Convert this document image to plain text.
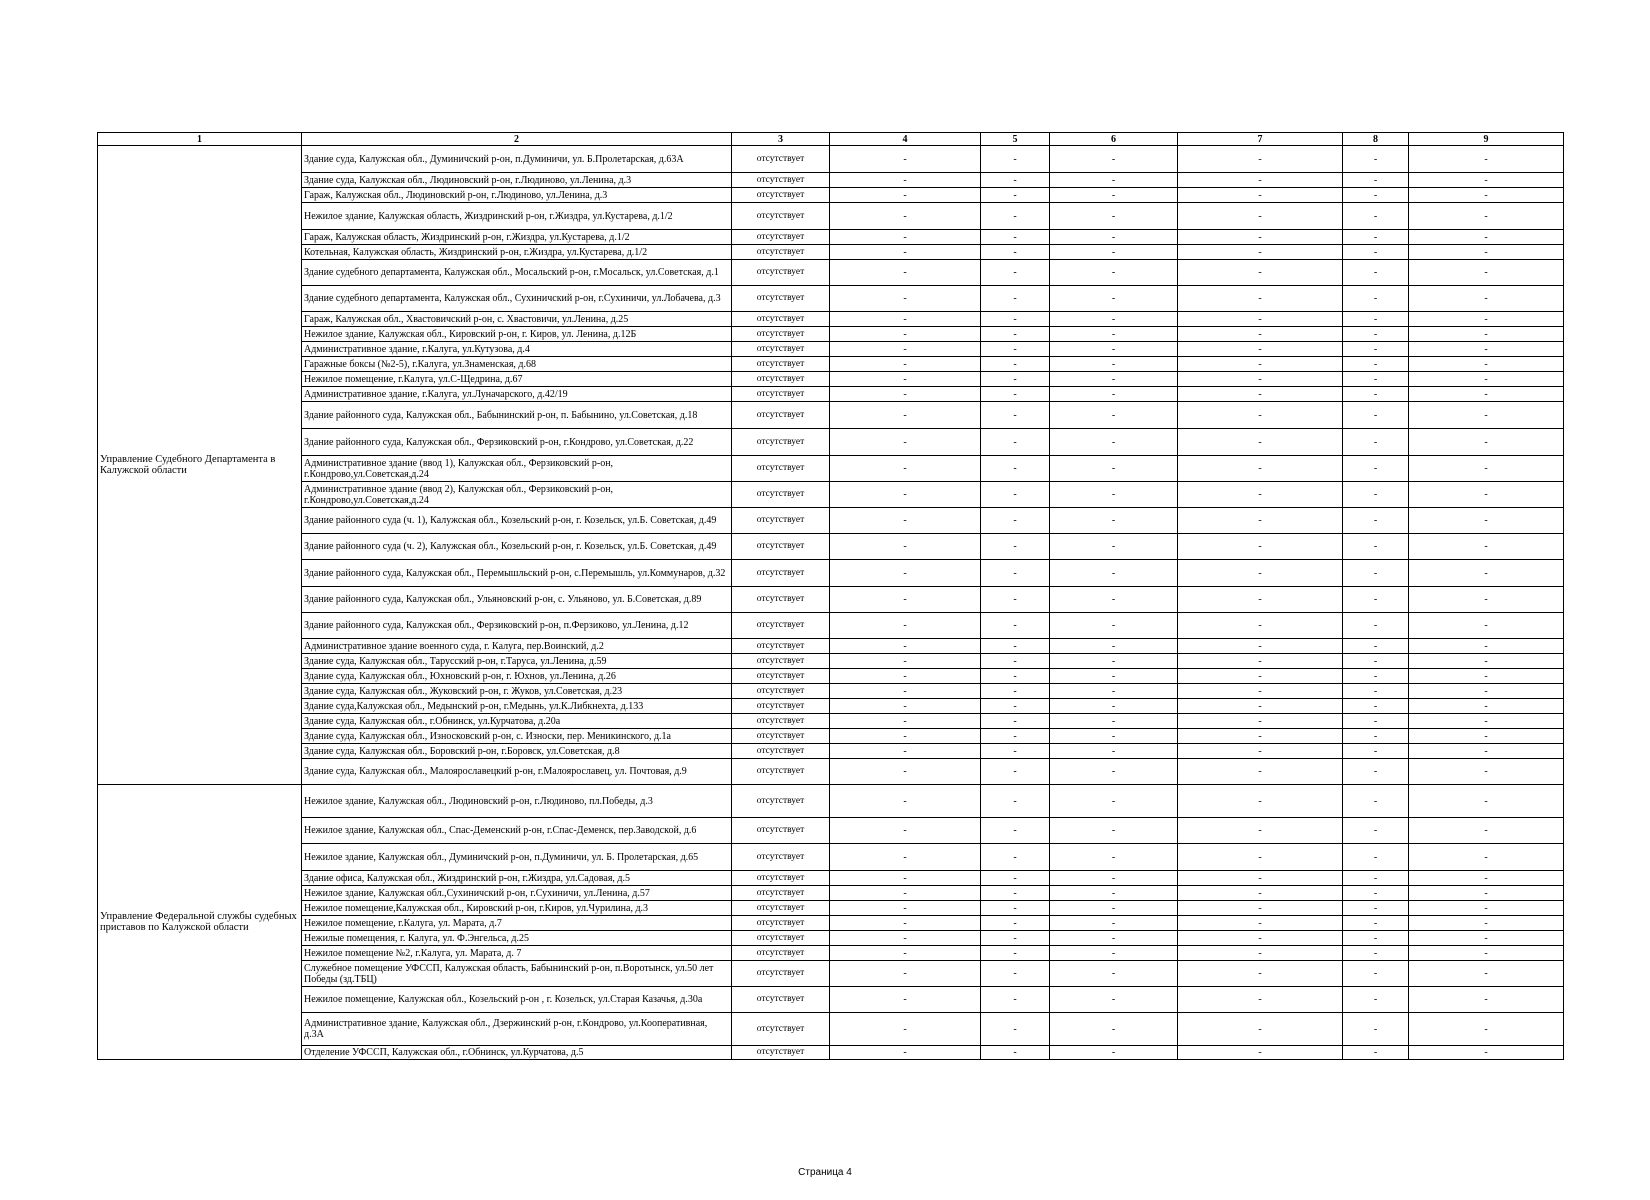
1	2	3	4	5	6	7	8	9
Управление Судебного Департамента в Калужской области	Здание суда, Калужская обл., Думиничский р-он, п.Думиничи, ул. Б.Пролетарская, д.63А	отсутствует	-	-	-	-	-	-
	Здание суда, Калужская обл., Людиновский р-он, г.Людиново, ул.Ленина, д.3	отсутствует	-	-	-	-	-	-
	Гараж, Калужская обл., Людиновский р-он, г.Людиново, ул.Ленина, д.3	отсутствует	-	-	-	-	-	-
	Нежилое здание, Калужская область, Жиздринский р-он, г.Жиздра, ул.Кустарева, д.1/2	отсутствует	-	-	-	-	-	-
	Гараж, Калужская область, Жиздринский р-он, г.Жиздра, ул.Кустарева, д.1/2	отсутствует	-	-	-	-	-	-
	Котельная, Калужская область, Жиздринский р-он, г.Жиздра, ул.Кустарева, д.1/2	отсутствует	-	-	-	-	-	-
	Здание судебного департамента, Калужская обл., Мосальский р-он, г.Мосальск, ул.Советская, д.1	отсутствует	-	-	-	-	-	-
	Здание судебного департамента, Калужская обл., Сухиничский р-он, г.Сухиничи, ул.Лобачева, д.3	отсутствует	-	-	-	-	-	-
	Гараж, Калужская обл., Хвастовичский р-он, с. Хвастовичи, ул.Ленина, д.25	отсутствует	-	-	-	-	-	-
	Нежилое здание, Калужская обл., Кировский р-он, г. Киров, ул. Ленина, д.12Б	отсутствует	-	-	-	-	-	-
	Административное здание, г.Калуга, ул.Кутузова, д.4	отсутствует	-	-	-	-	-	-
	Гаражные боксы (№2-5), г.Калуга, ул.Знаменская, д.68	отсутствует	-	-	-	-	-	-
	Нежилое помещение, г.Калуга, ул.С-Щедрина, д.67	отсутствует	-	-	-	-	-	-
	Административное здание, г.Калуга, ул.Луначарского, д.42/19	отсутствует	-	-	-	-	-	-
	Здание районного суда, Калужская обл., Бабынинский р-он, п. Бабынино, ул.Советская, д.18	отсутствует	-	-	-	-	-	-
	Здание районного суда, Калужская обл., Ферзиковский р-он, г.Кондрово, ул.Советская, д.22	отсутствует	-	-	-	-	-	-
	Административное здание (ввод 1), Калужская обл., Ферзиковский р-он, г.Кондрово,ул.Советская,д.24	отсутствует	-	-	-	-	-	-
	Административное здание (ввод 2), Калужская обл., Ферзиковский р-он, г.Кондрово,ул.Советская,д.24	отсутствует	-	-	-	-	-	-
	Здание районного суда (ч. 1), Калужская обл., Козельский р-он, г. Козельск, ул.Б. Советская, д.49	отсутствует	-	-	-	-	-	-
	Здание районного суда (ч. 2), Калужская обл., Козельский р-он, г. Козельск, ул.Б. Советская, д.49	отсутствует	-	-	-	-	-	-
	Здание районного суда, Калужская обл., Перемышльский р-он, с.Перемышль, ул.Коммунаров, д.32	отсутствует	-	-	-	-	-	-
	Здание районного суда, Калужская обл., Ульяновский р-он, с. Ульяново, ул. Б.Советская, д.89	отсутствует	-	-	-	-	-	-
	Здание районного суда, Калужская обл., Ферзиковский р-он, п.Ферзиково, ул.Ленина, д.12	отсутствует	-	-	-	-	-	-
	Административное здание военного суда, г. Калуга, пер.Воинский, д.2	отсутствует	-	-	-	-	-	-
	Здание суда, Калужская обл., Тарусский р-он, г.Таруса, ул.Ленина, д.59	отсутствует	-	-	-	-	-	-
	Здание суда, Калужская обл., Юхновский р-он, г. Юхнов, ул.Ленина, д.26	отсутствует	-	-	-	-	-	-
	Здание суда, Калужская обл., Жуковский р-он, г. Жуков, ул.Советская, д.23	отсутствует	-	-	-	-	-	-
	Здание суда,Калужская обл., Медынский р-он, г.Медынь, ул.К.Либкнехта, д.133	отсутствует	-	-	-	-	-	-
	Здание суда, Калужская обл., г.Обнинск, ул.Курчатова, д.20а	отсутствует	-	-	-	-	-	-
	Здание суда, Калужская обл., Износковский р-он, с. Износки, пер. Меникинского, д.1а	отсутствует	-	-	-	-	-	-
	Здание суда, Калужская обл., Боровский р-он, г.Боровск, ул.Советская, д.8	отсутствует	-	-	-	-	-	-
	Здание суда, Калужская обл., Малоярославецкий р-он, г.Малоярославец, ул. Почтовая, д.9	отсутствует	-	-	-	-	-	-
Управление Федеральной службы судебных приставов по Калужской области	Нежилое здание, Калужская обл., Людиновский р-он, г.Людиново, пл.Победы, д.3	отсутствует	-	-	-	-	-	-
	Нежилое здание, Калужская обл., Спас-Деменский р-он, г.Спас-Деменск, пер.Заводской, д.6	отсутствует	-	-	-	-	-	-
	Нежилое здание, Калужская обл., Думиничский р-он, п.Думиничи, ул. Б. Пролетарская, д.65	отсутствует	-	-	-	-	-	-
	Здание офиса, Калужская обл., Жиздринский р-он, г.Жиздра, ул.Садовая, д.5	отсутствует	-	-	-	-	-	-
	Нежилое здание, Калужская обл.,Сухиничский р-он, г.Сухиничи, ул.Ленина, д.57	отсутствует	-	-	-	-	-	-
	Нежилое помещение,Калужская обл., Кировский р-он, г.Киров, ул.Чурилина, д.3	отсутствует	-	-	-	-	-	-
	Нежилое помещение, г.Калуга, ул. Марата, д.7	отсутствует	-	-	-	-	-	-
	Нежилые помещения, г. Калуга, ул. Ф.Энгельса, д.25	отсутствует	-	-	-	-	-	-
	Нежилое помещение №2, г.Калуга, ул. Марата, д. 7	отсутствует	-	-	-	-	-	-
	Служебное помещение УФССП, Калужская область, Бабынинский р-он, п.Воротынск, ул.50 лет Победы (зд.ТБЦ)	отсутствует	-	-	-	-	-	-
	Нежилое помещение, Калужская обл., Козельский р-он , г. Козельск, ул.Старая Казачья, д.30а	отсутствует	-	-	-	-	-	-
	Административное здание, Калужская обл., Дзержинский р-он, г.Кондрово, ул.Кооперативная, д.3А	отсутствует	-	-	-	-	-	-
	Отделение УФССП, Калужская обл., г.Обнинск, ул.Курчатова, д.5	отсутствует	-	-	-	-	-	-
Страница 4
